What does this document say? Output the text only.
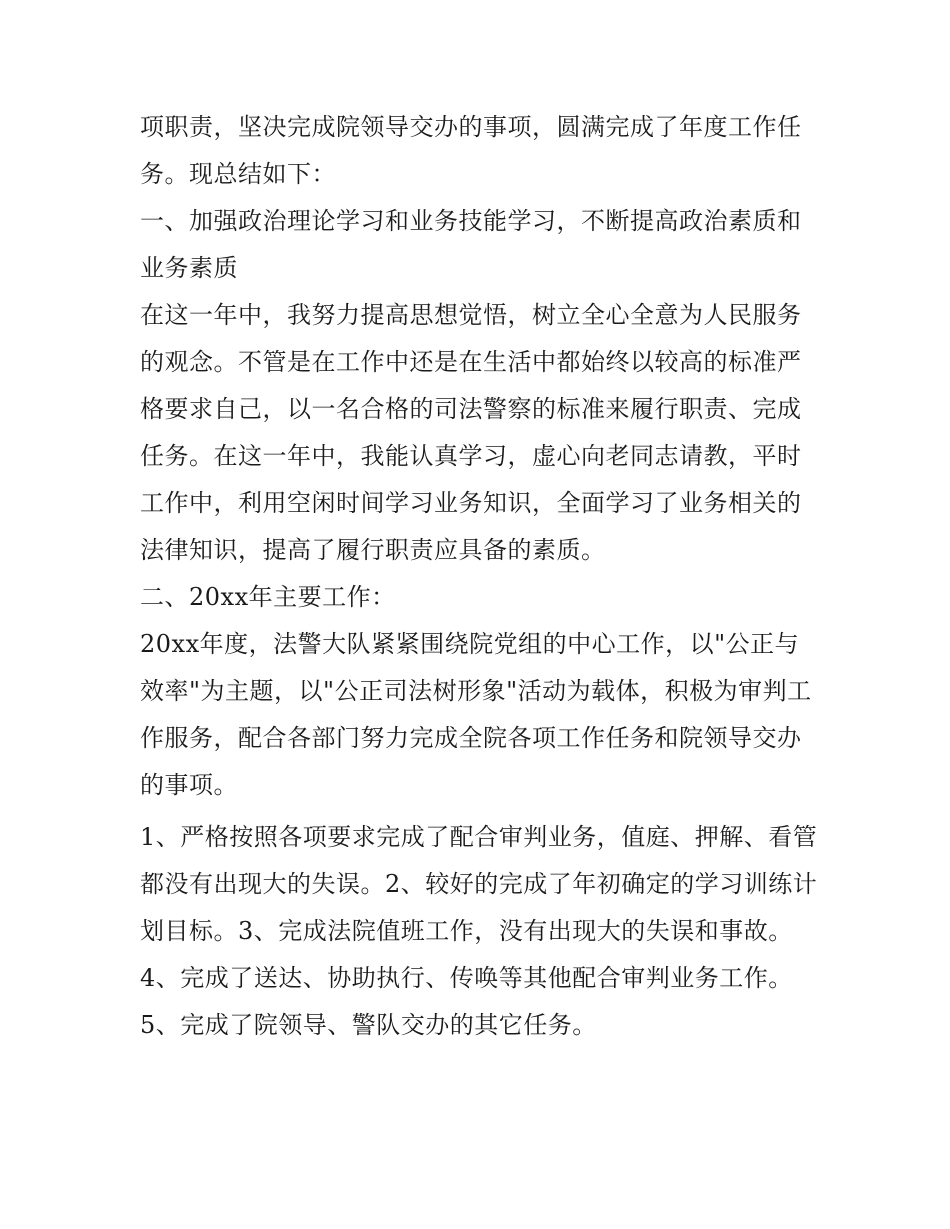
项职责，坚决完成院领导交办的事项，圆满完成了年度工作任务。现总结如下：

一、加强政治理论学习和业务技能学习，不断提高政治素质和业务素质

在这一年中，我努力提高思想觉悟，树立全心全意为人民服务的观念。不管是在工作中还是在生活中都始终以较高的标准严格要求自己，以一名合格的司法警察的标准来履行职责、完成任务。在这一年中，我能认真学习，虚心向老同志请教，平时工作中，利用空闲时间学习业务知识，全面学习了业务相关的法律知识，提高了履行职责应具备的素质。

二、20xx年主要工作：

20xx年度，法警大队紧紧围绕院党组的中心工作，以"公正与效率"为主题，以"公正司法树形象"活动为载体，积极为审判工作服务，配合各部门努力完成全院各项工作任务和院领导交办的事项。

1、严格按照各项要求完成了配合审判业务，值庭、押解、看管都没有出现大的失误。2、较好的完成了年初确定的学习训练计划目标。3、完成法院值班工作，没有出现大的失误和事故。4、完成了送达、协助执行、传唤等其他配合审判业务工作。5、完成了院领导、警队交办的其它任务。
